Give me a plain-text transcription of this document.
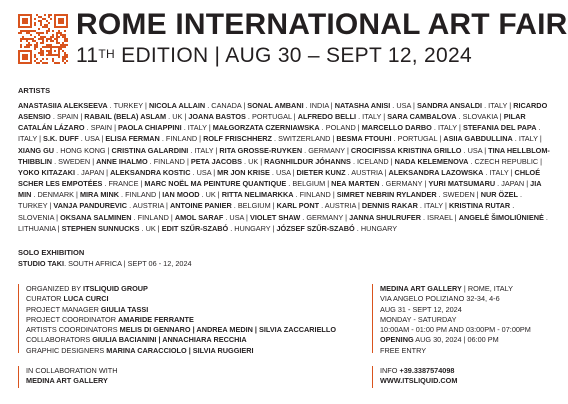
ROME INTERNATIONAL ART FAIR
11TH EDITION | AUG 30 – SEPT 12, 2024
ARTISTS
ANASTASIIA ALEKSEEVA . TURKEY | NICOLA ALLAIN . CANADA | SONAL AMBANI . INDIA | NATASHA ANISI . USA | SANDRA ANSALDI . ITALY | RICARDO ASENSIO . SPAIN | RABAIL (BELA) ASLAM . UK | JOANA BASTOS . PORTUGAL | ALFREDO BELLI . ITALY | SARA CAMBALOVA . SLOVAKIA | PILAR CATALÁN LÁZARO . SPAIN | PAOLA CHIAPPINI . ITALY | MAŁGORZATA CZERNIAWSKA . POLAND | MARCELLO DARBO . ITALY | STEFANIA DEL PAPA . ITALY | S.K. DUFF . USA | ELISA FERMAN . FINLAND | ROLF FRISCHHERZ . SWITZERLAND | BESMA FTOUHI . PORTUGAL | ASIIA GABDULLINA . ITALY | XIANG GU . HONG KONG | CRISTINA GALARDINI . ITALY | RITA GROSSE-RUYKEN . GERMANY | CROCIFISSA KRISTINA GRILLO . USA | TINA HELLBLOM-THIBBLIN . SWEDEN | ANNE IHALMO . FINLAND | PETA JACOBS . UK | RAGNHILDUR JÓHANNS . ICELAND | NADA KELEMENOVA . CZECH REPUBLIC | YOKO KITAZAKI . JAPAN | ALEKSANDRA KOSTIC . USA | MR JON KRISE . USA | DIETER KUNZ . AUSTRIA | ALEKSANDRA LAZOWSKA . ITALY | CHLOÉ SCHER LES EMPOTÉES . FRANCE | MARC NOËL MA PEINTURE QUANTIQUE . BELGIUM | NEA MARTEN . GERMANY | YURI MATSUMARU . JAPAN | JIA MIN . DENMARK | MIRA MINK . FINLAND | IAN MOOD . UK | RITTA NELIMARKKA . FINLAND | SIMRET NEBRIN RYLANDER . SWEDEN | NUR ÖZEL . TURKEY | VANJA PANDUREVIC . AUSTRIA | ANTOINE PANIER . BELGIUM | KARL PONT . AUSTRIA | DENNIS RAKAR . ITALY | KRISTINA RUTAR . SLOVENIA | OKSANA SALMINEN . FINLAND | AMOL SARAF . USA | VIOLET SHAW . GERMANY | JANNA SHULRUFER . ISRAEL | ANGELĖ ŠIMOLIŪNIENĖ . LITHUANIA | STEPHEN SUNNUCKS . UK | EDIT SZŰR-SZABÓ . HUNGARY | JÓZSEF SZŰR-SZABÓ . HUNGARY
SOLO EXHIBITION
STUDIO TAKI. SOUTH AFRICA | SEPT 06 - 12, 2024
ORGANIZED BY ITSLIQUID GROUP
CURATOR LUCA CURCI
PROJECT MANAGER GIULIA TASSI
PROJECT COORDINATOR AMARIDE FERRANTE
ARTISTS COORDINATORS MELIS DI GENNARO | ANDREA MEDIN | SILVIA ZACCARIELLO
COLLABORATORS GIULIA BACIANINI | ANNACHIARA RECCHIA
GRAPHIC DESIGNERS MARINA CARACCIOLO | SILVIA RUGGIERI
MEDINA ART GALLERY | ROME, ITALY
VIA ANGELO POLIZIANO 32-34, 4-6
AUG 31 - SEPT 12, 2024
MONDAY - SATURDAY
10:00AM - 01:00 PM AND 03:00PM - 07:00PM
OPENING AUG 30, 2024 | 06:00 PM
FREE ENTRY
IN COLLABORATION WITH
MEDINA ART GALLERY
INFO +39.3387574098
WWW.ITSLIQUID.COM
